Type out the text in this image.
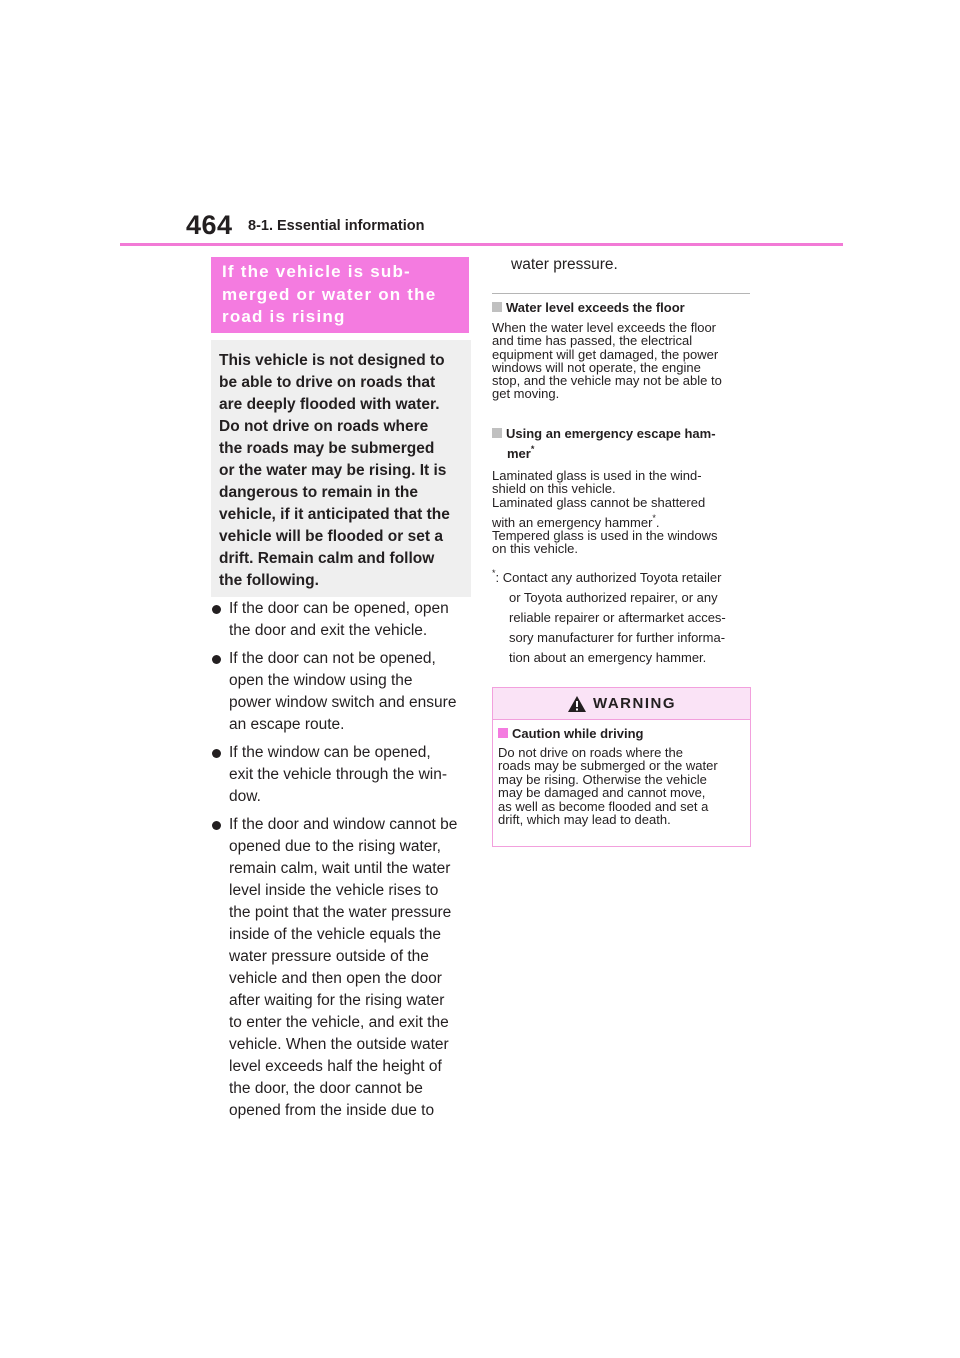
464 8-1. Essential information
If the vehicle is sub-
merged or water on the
road is rising
This vehicle is not designed to
be able to drive on roads that
are deeply flooded with water.
Do not drive on roads where
the roads may be submerged
or the water may be rising. It is
dangerous to remain in the
vehicle, if it anticipated that the
vehicle will be flooded or set a
drift. Remain calm and follow
the following.
If the door can be opened, open
the door and exit the vehicle.
If the door can not be opened,
open the window using the
power window switch and ensure
an escape route.
If the window can be opened,
exit the vehicle through the win-
dow.
If the door and window cannot be
opened due to the rising water,
remain calm, wait until the water
level inside the vehicle rises to
the point that the water pressure
inside of the vehicle equals the
water pressure outside of the
vehicle and then open the door
after waiting for the rising water
to enter the vehicle, and exit the
vehicle. When the outside water
level exceeds half the height of
the door, the door cannot be
opened from the inside due to
water pressure.
Water level exceeds the floor
When the water level exceeds the floor
and time has passed, the electrical
equipment will get damaged, the power
windows will not operate, the engine
stop, and the vehicle may not be able to
get moving.
Using an emergency escape ham-
mer*
Laminated glass is used in the wind-
shield on this vehicle.
Laminated glass cannot be shattered
with an emergency hammer*.
Tempered glass is used in the windows
on this vehicle.
*: Contact any authorized Toyota retailer
or Toyota authorized repairer, or any
reliable repairer or aftermarket acces-
sory manufacturer for further informa-
tion about an emergency hammer.
WARNING
Caution while driving
Do not drive on roads where the
roads may be submerged or the water
may be rising. Otherwise the vehicle
may be damaged and cannot move,
as well as become flooded and set a
drift, which may lead to death.
